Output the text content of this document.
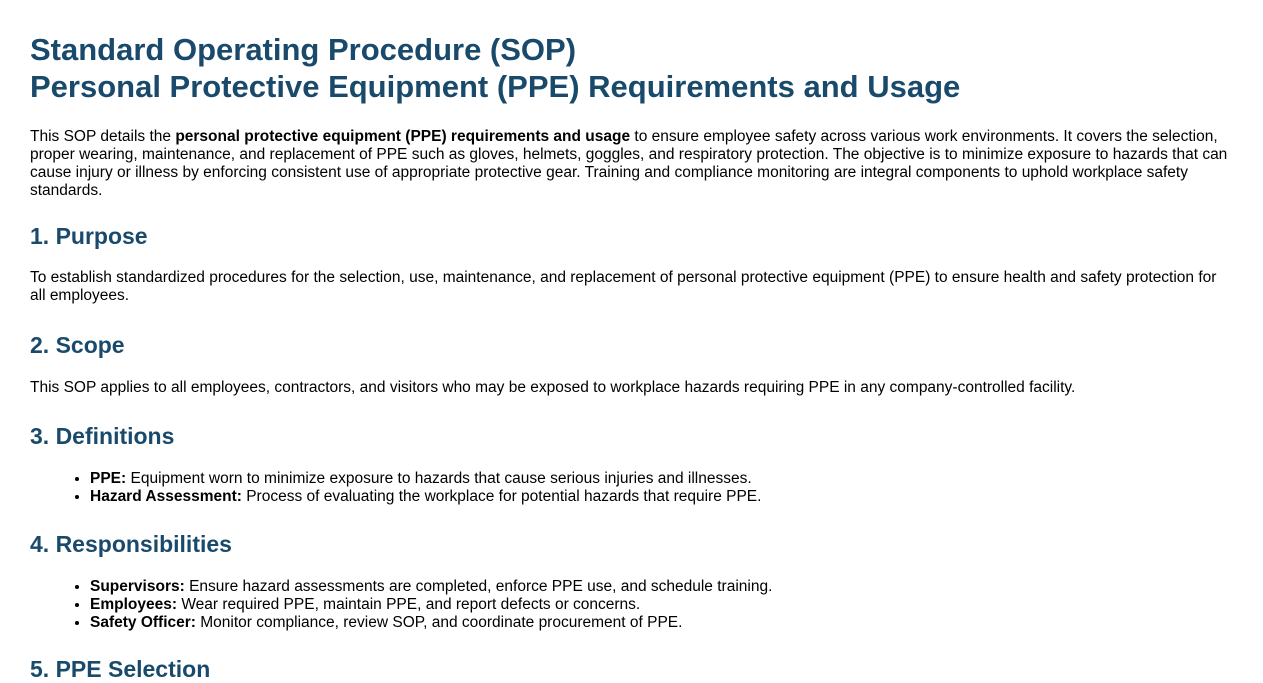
Standard Operating Procedure (SOP)
Personal Protective Equipment (PPE) Requirements and Usage

This SOP details the personal protective equipment (PPE) requirements and usage to ensure employee safety across various work environments. It covers the selection, proper wearing, maintenance, and replacement of PPE such as gloves, helmets, goggles, and respiratory protection. The objective is to minimize exposure to hazards that can cause injury or illness by enforcing consistent use of appropriate protective gear. Training and compliance monitoring are integral components to uphold workplace safety standards.

1. Purpose

To establish standardized procedures for the selection, use, maintenance, and replacement of personal protective equipment (PPE) to ensure health and safety protection for all employees.

2. Scope

This SOP applies to all employees, contractors, and visitors who may be exposed to workplace hazards requiring PPE in any company-controlled facility.

3. Definitions
• PPE: Equipment worn to minimize exposure to hazards that cause serious injuries and illnesses.
• Hazard Assessment: Process of evaluating the workplace for potential hazards that require PPE.
4. Responsibilities
• Supervisors: Ensure hazard assessments are completed, enforce PPE use, and schedule training.
• Employees: Wear required PPE, maintain PPE, and report defects or concerns.
• Safety Officer: Monitor compliance, review SOP, and coordinate procurement of PPE.
5. PPE Selection
